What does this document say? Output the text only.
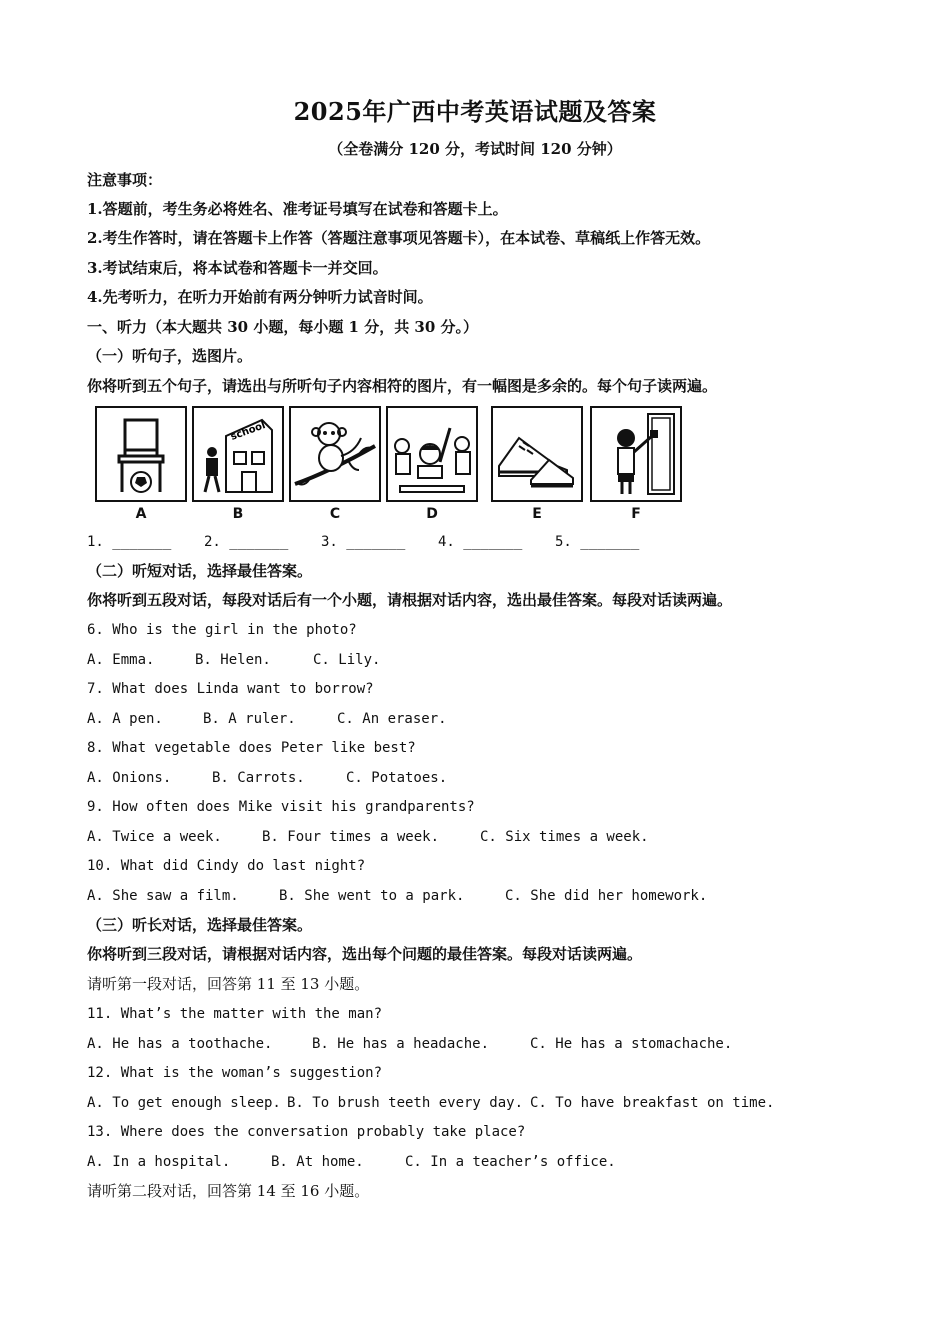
2025年广西中考英语试题及答案
（全卷满分 120 分，考试时间 120 分钟）
注意事项：
1.答题前，考生务必将姓名、准考证号填写在试卷和答题卡上。
2.考生作答时，请在答题卡上作答（答题注意事项见答题卡），在本试卷、草稿纸上作答无效。
3.考试结束后，将本试卷和答题卡一并交回。
4.先考听力，在听力开始前有两分钟听力试音时间。
一、听力（本大题共 30 小题，每小题 1 分，共 30 分。）
（一）听句子，选图片。
你将听到五个句子，请选出与所听句子内容相符的图片，有一幅图是多余的。每个句子读两遍。
A
school
B	C	D	E	F
1. _______ 2. _______ 3. _______ 4. _______ 5. _______
（二）听短对话，选择最佳答案。
你将听到五段对话，每段对话后有一个小题，请根据对话内容，选出最佳答案。每段对话读两遍。
6. Who is the girl in the photo?
A. Emma.	B. Helen.	C. Lily.
7. What does Linda want to borrow?
A. A pen.	B. A ruler.	C. An eraser.
8. What vegetable does Peter like best?
A. Onions.	B. Carrots.	C. Potatoes.
9. How often does Mike visit his grandparents?
A. Twice a week.	B. Four times a week.	C. Six times a week.
10. What did Cindy do last night?
A. She saw a film.	B. She went to a park.	C. She did her homework.
（三）听长对话，选择最佳答案。
你将听到三段对话，请根据对话内容，选出每个问题的最佳答案。每段对话读两遍。
请听第一段对话，回答第 11 至 13 小题。
11. What’s the matter with the man?
A. He has a toothache.	B. He has a headache.	C. He has a stomachache.
12. What is the woman’s suggestion?
A. To get enough sleep. B. To brush teeth every day. C. To have breakfast on time.
13. Where does the conversation probably take place?
A. In a hospital.	B. At home.	C. In a teacher’s office.
请听第二段对话，回答第 14 至 16 小题。
